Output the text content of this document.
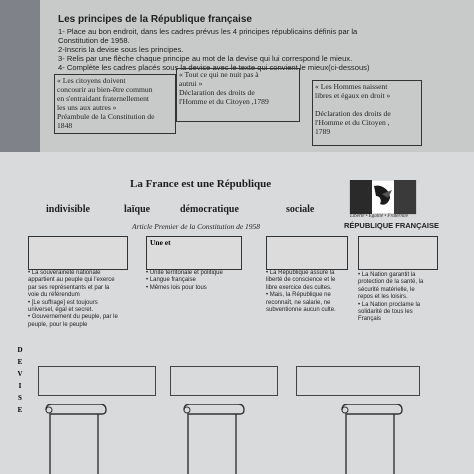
Les principes de la République française
1- Place au bon endroit, dans les cadres prévus les 4 principes républicains définis par la
Constitution de 1958.
2-Inscris la devise sous les principes.
3- Relis par une flèche chaque principe au mot de la devise qui lui correspond le mieux.
4- Complète les cadres placés sous la devise avec le texte qui convient le mieux(ci-dessous)
« Les citoyens doivent
concourir au bien-être commun
en s'entraidant fraternellement
les uns aux autres »
Préambule de la Constitution de
1848
« Tout ce qui ne nuit pas à
autrui »
Déclaration des droits de
l'Homme et du Citoyen ,1789
« Les Hommes naissent
libres et égaux en droit »

Déclaration des droits de
l'Homme et du Citoyen ,
1789
La France est une République
indivisible	laïque	démocratique	sociale
Article Premier de la Constitution de 1958
Liberté • Égalité • Fraternité
RÉPUBLIQUE FRANÇAISE
Une et
• La souveraineté nationale
appartient au peuple qui l'exerce
par ses représentants et par la
voie du référendum
• [Le suffrage] est toujours
universel, égal et secret.
• Gouvernement du peuple, par le
peuple, pour le peuple
• Unité territoriale et politique
• Langue française
• Mêmes lois pour tous
• La République assure la
liberté de conscience et le
libre exercice des cultes.
• Mais, la République ne
reconnaît, ne salarie, ne
subventionne aucun culte.
• La Nation garantit la
protection de la santé, la
sécurité matérielle, le
repos et les loisirs.
• La Nation proclame la
solidarité de tous les
Français
D
E
V
I
S
E
